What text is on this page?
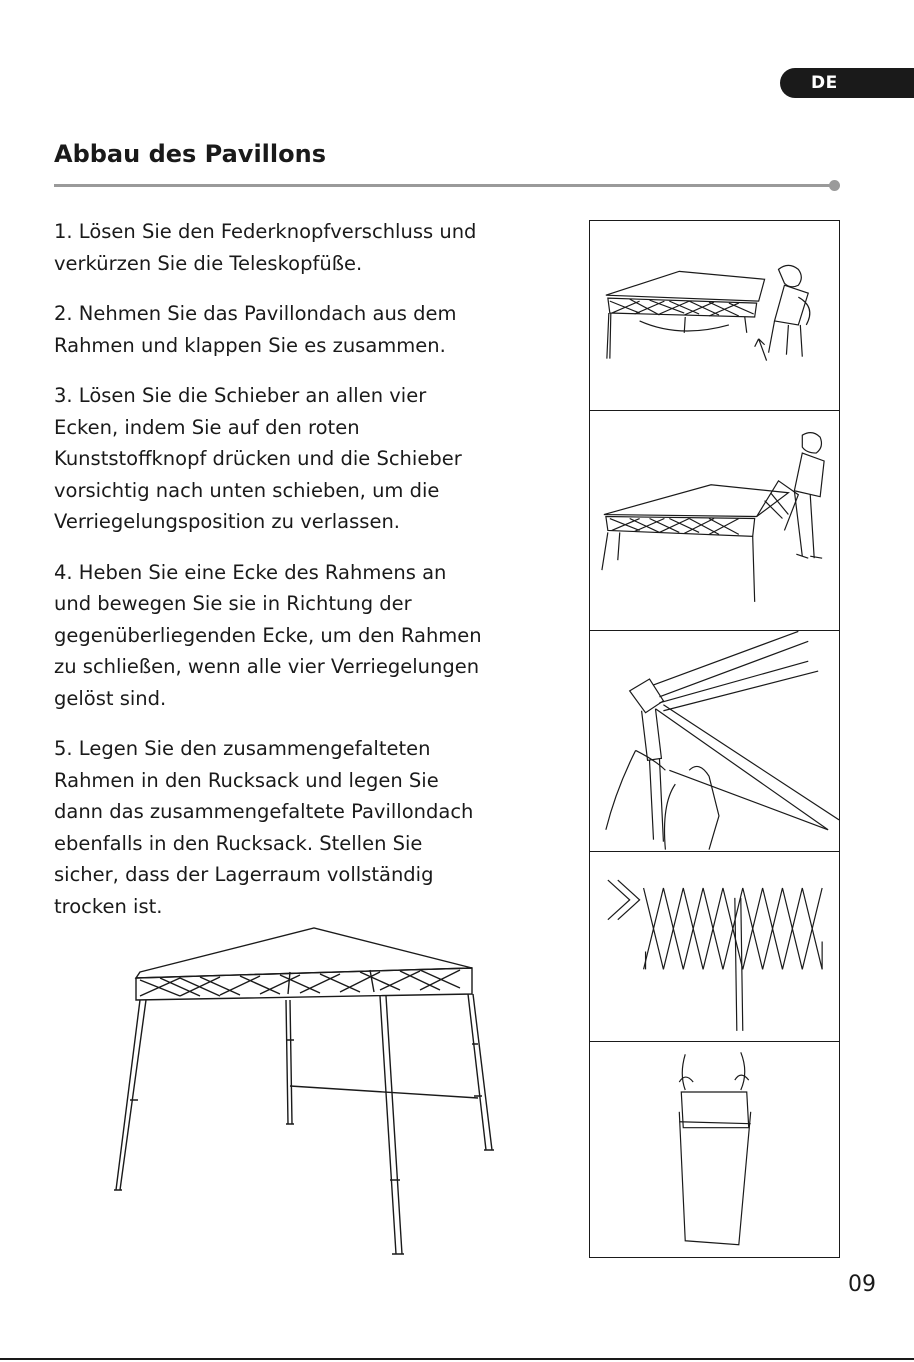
DE
Abbau des Pavillons

1. Lösen Sie den Federknopfverschluss und
verkürzen Sie die Teleskopfüße.

2. Nehmen Sie das Pavillondach aus dem
Rahmen und klappen Sie es zusammen.

3. Lösen Sie die Schieber an allen vier
Ecken, indem Sie auf den roten
Kunststoffknopf drücken und die Schieber
vorsichtig nach unten schieben, um die
Verriegelungsposition zu verlassen.

4. Heben Sie eine Ecke des Rahmens an
und bewegen Sie sie in Richtung der
gegenüberliegenden Ecke, um den Rahmen
zu schließen, wenn alle vier Verriegelungen
gelöst sind.

5. Legen Sie den zusammengefalteten
Rahmen in den Rucksack und legen Sie
dann das zusammengefaltete Pavillondach
ebenfalls in den Rucksack. Stellen Sie
sicher, dass der Lagerraum vollständig
trocken ist.

09
